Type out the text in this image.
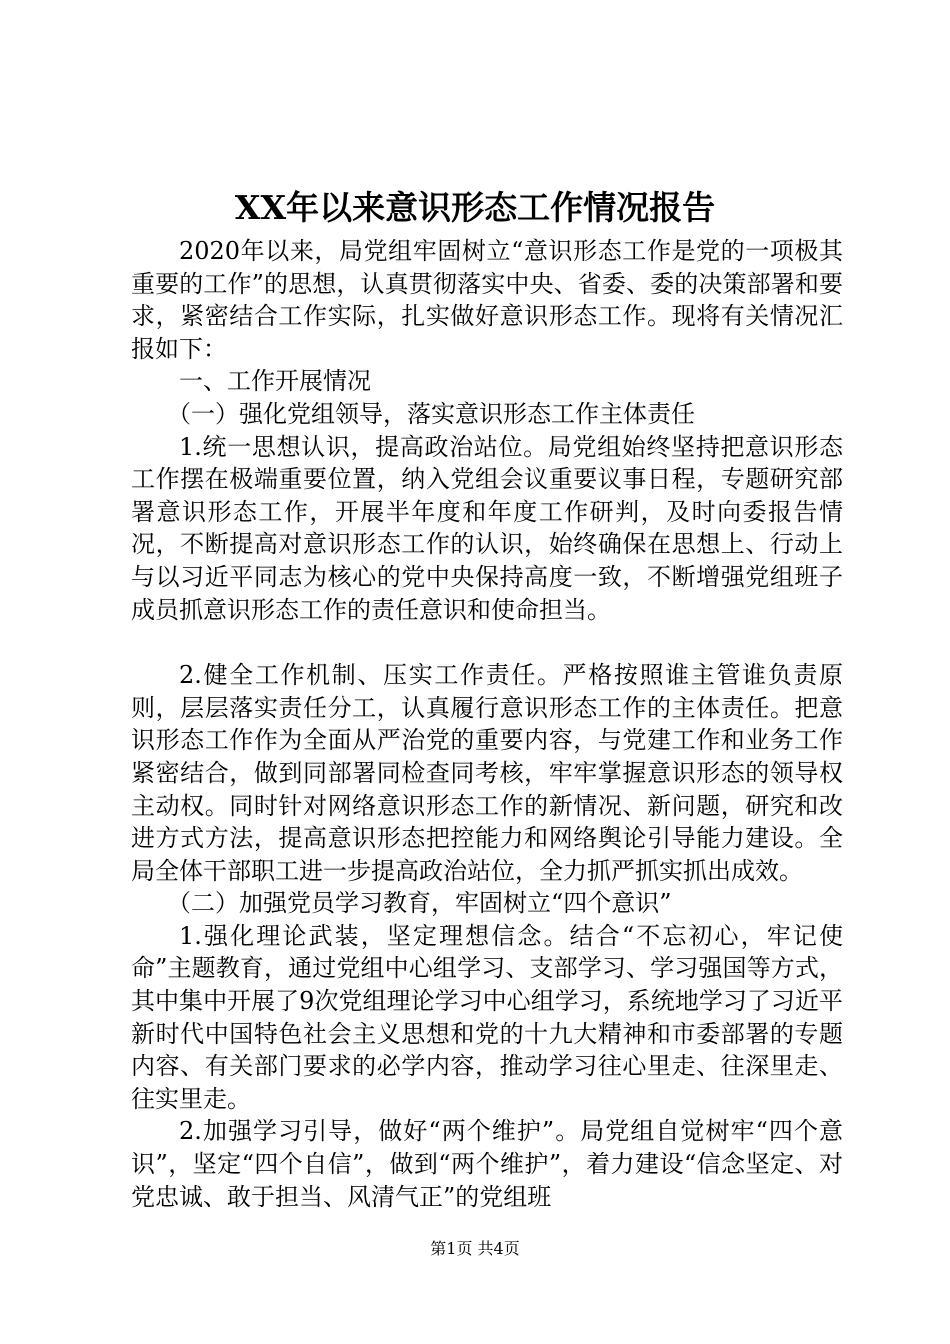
XX年以来意识形态工作情况报告

2020年以来，局党组牢固树立“意识形态工作是党的一项极其重要的工作”的思想，认真贯彻落实中央、省委、委的决策部署和要求，紧密结合工作实际，扎实做好意识形态工作。现将有关情况汇报如下：

一、工作开展情况

（一）强化党组领导，落实意识形态工作主体责任

1.统一思想认识，提高政治站位。局党组始终坚持把意识形态工作摆在极端重要位置，纳入党组会议重要议事日程，专题研究部署意识形态工作，开展半年度和年度工作研判，及时向委报告情况，不断提高对意识形态工作的认识，始终确保在思想上、行动上与以习近平同志为核心的党中央保持高度一致，不断增强党组班子成员抓意识形态工作的责任意识和使命担当。

2.健全工作机制、压实工作责任。严格按照谁主管谁负责原则，层层落实责任分工，认真履行意识形态工作的主体责任。把意识形态工作作为全面从严治党的重要内容，与党建工作和业务工作紧密结合，做到同部署同检查同考核，牢牢掌握意识形态的领导权主动权。同时针对网络意识形态工作的新情况、新问题，研究和改进方式方法，提高意识形态把控能力和网络舆论引导能力建设。全局全体干部职工进一步提高政治站位，全力抓严抓实抓出成效。

（二）加强党员学习教育，牢固树立“四个意识”

1.强化理论武装，坚定理想信念。结合“不忘初心，牢记使命”主题教育，通过党组中心组学习、支部学习、学习强国等方式，其中集中开展了9次党组理论学习中心组学习，系统地学习了习近平新时代中国特色社会主义思想和党的十九大精神和市委部署的专题内容、有关部门要求的必学内容，推动学习往心里走、往深里走、往实里走。

2.加强学习引导，做好“两个维护”。局党组自觉树牢“四个意识”，坚定“四个自信”，做到“两个维护”，着力建设“信念坚定、对党忠诚、敢于担当、风清气正”的党组班

第1页 共4页
